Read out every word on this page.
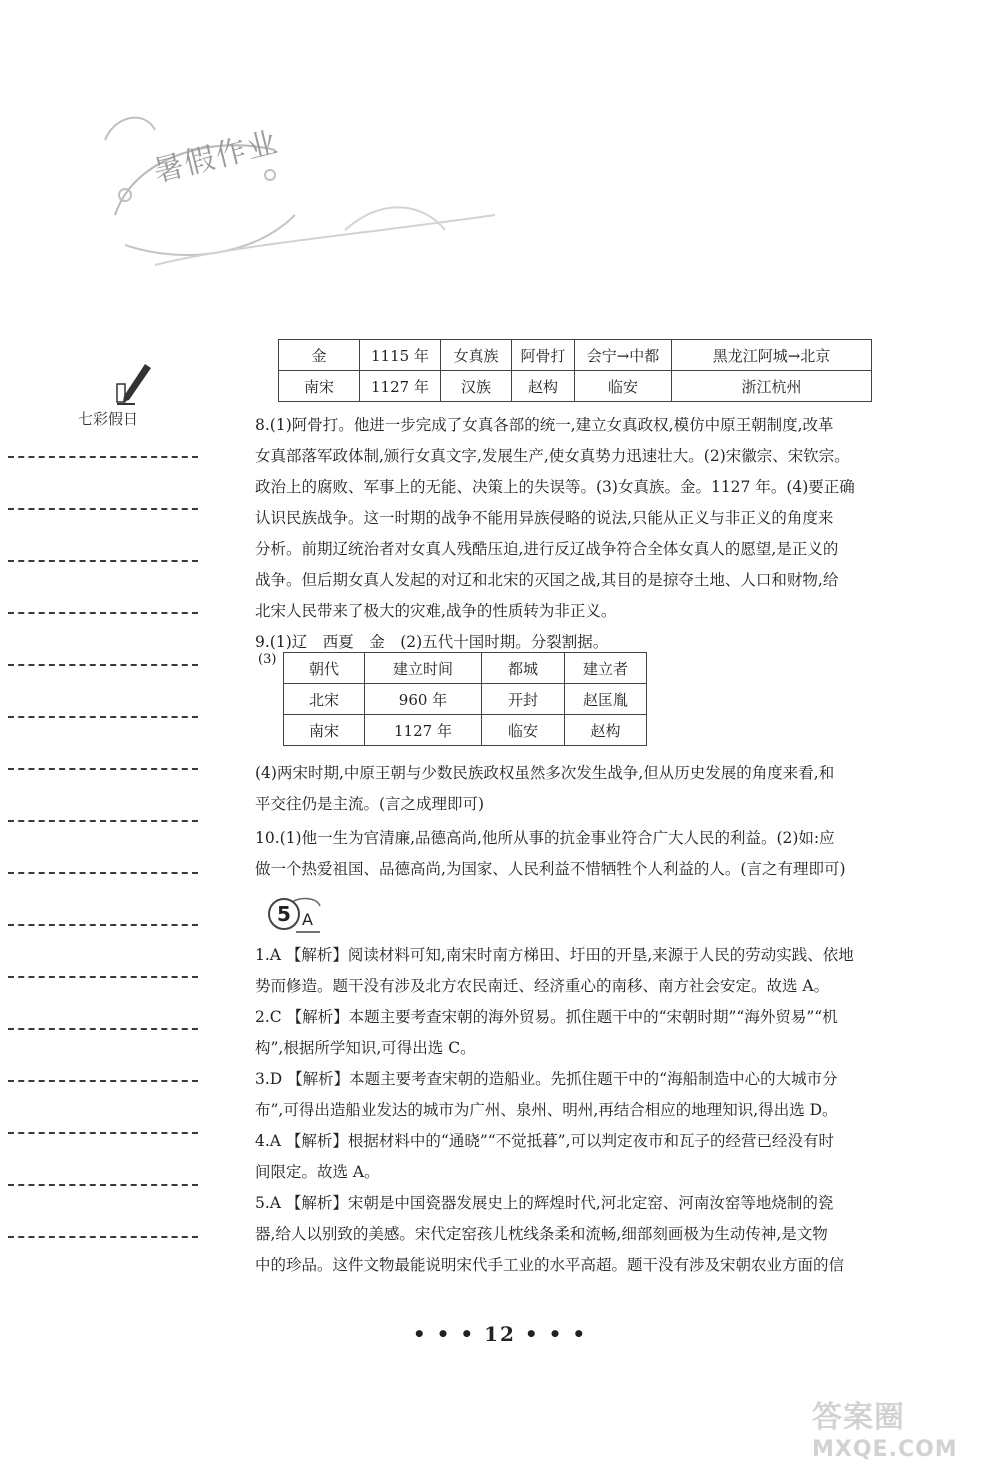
暑假作业
七彩假日
金	1115 年	女真族	阿骨打	会宁→中都	黑龙江阿城→北京
南宋	1127 年	汉族	赵构	临安	浙江杭州

8.(1)阿骨打。他进一步完成了女真各部的统一,建立女真政权,模仿中原王朝制度,改革

女真部落军政体制,颁行女真文字,发展生产,使女真势力迅速壮大。(2)宋徽宗、宋钦宗。

政治上的腐败、军事上的无能、决策上的失误等。(3)女真族。金。1127 年。(4)要正确

认识民族战争。这一时期的战争不能用异族侵略的说法,只能从正义与非正义的角度来

分析。前期辽统治者对女真人残酷压迫,进行反辽战争符合全体女真人的愿望,是正义的

战争。但后期女真人发起的对辽和北宋的灭国之战,其目的是掠夺土地、人口和财物,给

北宋人民带来了极大的灾难,战争的性质转为非正义。

9.(1)辽　西夏　金　(2)五代十国时期。分裂割据。

(3) 朝代	建立时间	都城	建立者
北宋	960 年	开封	赵匡胤
南宋	1127 年	临安	赵构

(4)两宋时期,中原王朝与少数民族政权虽然多次发生战争,但从历史发展的角度来看,和

平交往仍是主流。(言之成理即可)

10.(1)他一生为官清廉,品德高尚,他所从事的抗金事业符合广大人民的利益。(2)如:应

做一个热爱祖国、品德高尚,为国家、人民利益不惜牺牲个人利益的人。(言之有理即可)

5 A

1.A 【解析】阅读材料可知,南宋时南方梯田、圩田的开垦,来源于人民的劳动实践、依地

势而修造。题干没有涉及北方农民南迁、经济重心的南移、南方社会安定。故选 A。

2.C 【解析】本题主要考查宋朝的海外贸易。抓住题干中的“宋朝时期”“海外贸易”“机

构”,根据所学知识,可得出选 C。

3.D 【解析】本题主要考查宋朝的造船业。先抓住题干中的“海船制造中心的大城市分

布”,可得出造船业发达的城市为广州、泉州、明州,再结合相应的地理知识,得出选 D。

4.A 【解析】根据材料中的“通晓”“不觉抵暮”,可以判定夜市和瓦子的经营已经没有时

间限定。故选 A。

5.A 【解析】宋朝是中国瓷器发展史上的辉煌时代,河北定窑、河南汝窑等地烧制的瓷

器,给人以别致的美感。宋代定窑孩儿枕线条柔和流畅,细部刻画极为生动传神,是文物

中的珍品。这件文物最能说明宋代手工业的水平高超。题干没有涉及宋朝农业方面的信

• • • 12 • • •
答案圈
MXQE.COM
